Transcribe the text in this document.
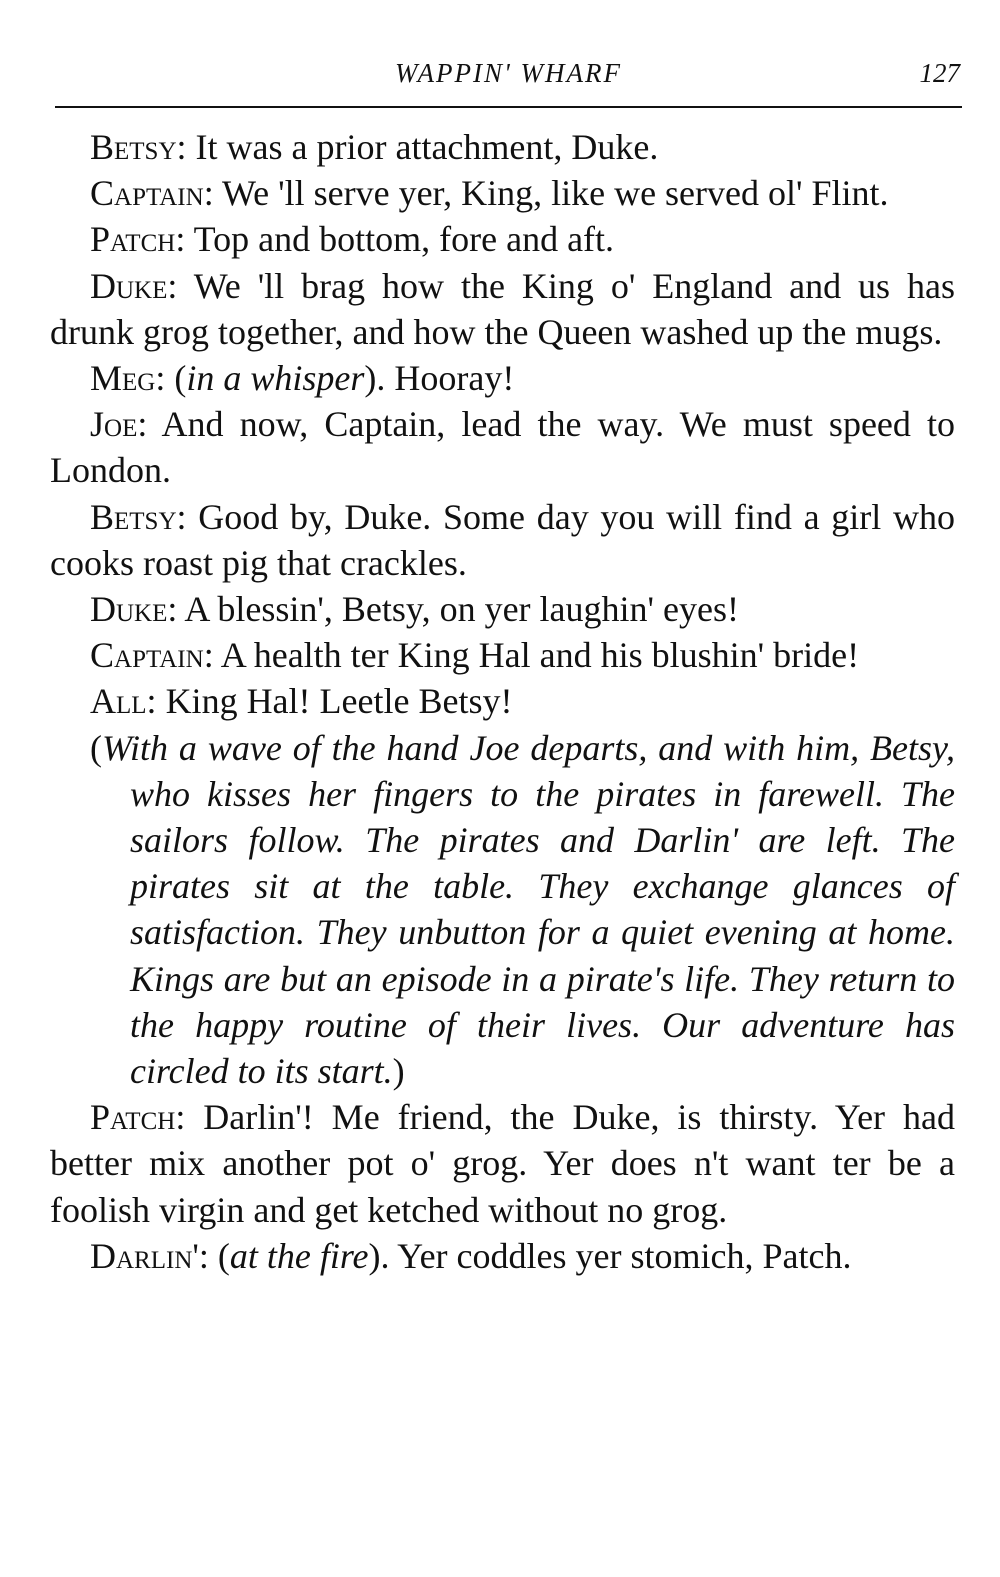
WAPPIN' WHARF	127

Betsy: It was a prior attachment, Duke.

Captain: We 'll serve yer, King, like we served ol' Flint.

Patch: Top and bottom, fore and aft.

Duke: We 'll brag how the King o' England and us has drunk grog together, and how the Queen washed up the mugs.

Meg: (in a whisper). Hooray!

Joe: And now, Captain, lead the way. We must speed to London.

Betsy: Good by, Duke. Some day you will find a girl who cooks roast pig that crackles.

Duke: A blessin', Betsy, on yer laughin' eyes!

Captain: A health ter King Hal and his blushin' bride!

All: King Hal! Leetle Betsy!

(With a wave of the hand Joe departs, and with him, Betsy, who kisses her fingers to the pirates in farewell. The sailors follow. The pirates and Darlin' are left. The pirates sit at the table. They exchange glances of satisfaction. They unbutton for a quiet evening at home. Kings are but an episode in a pirate's life. They return to the happy routine of their lives. Our adventure has circled to its start.)

Patch: Darlin'! Me friend, the Duke, is thirsty. Yer had better mix another pot o' grog. Yer does n't want ter be a foolish virgin and get ketched without no grog.

Darlin': (at the fire). Yer coddles yer stomich, Patch.
